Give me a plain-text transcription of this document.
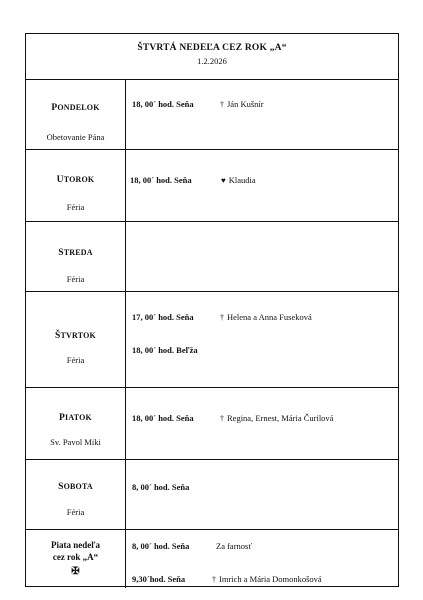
ŠTVRTÁ NEDEĽA CEZ ROK „A“
1.2.2026
PONDELOK
Obetovanie Pána
18, 00´ hod. Seňa	† Ján Kušnír
UTOROK
Féria
18, 00´ hod. Seňa	♥ Klaudia
STREDA
Féria
ŠTVRTOK
Féria
17, 00´ hod. Seňa	† Helena a Anna Fuseková
18, 00´ hod. Beľža
PIATOK
Sv. Pavol Miki
18, 00´ hod. Seňa	† Regina, Ernest, Mária Čurilová
SOBOTA
Féria
8, 00´ hod. Seňa
Piata nedeľa
cez rok „A“
✠
8, 00´ hod. Seňa	Za farnosť
9,30´hod. Seňa	† Imrich a Mária Domonkošová
